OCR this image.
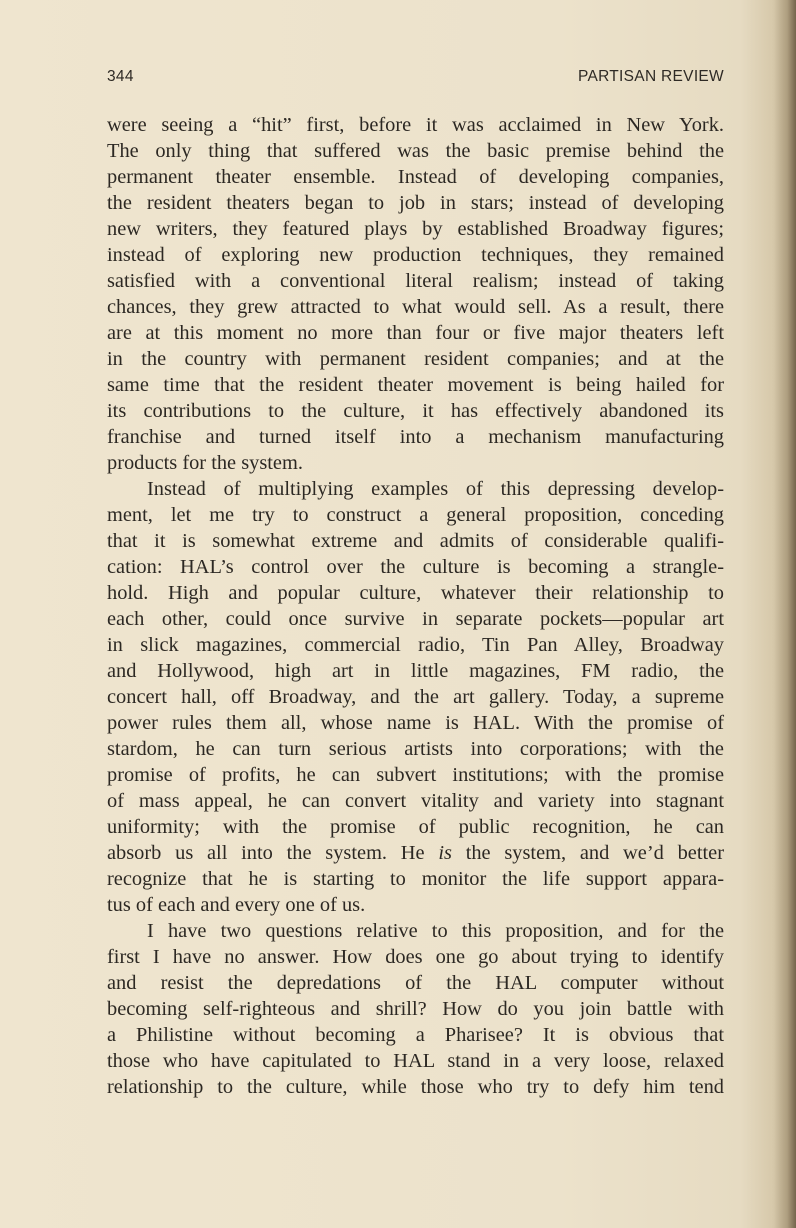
344	PARTISAN REVIEW
were seeing a “hit” first, before it was acclaimed in New York.
The only thing that suffered was the basic premise behind the
permanent theater ensemble. Instead of developing companies,
the resident theaters began to job in stars; instead of developing
new writers, they featured plays by established Broadway figures;
instead of exploring new production techniques, they remained
satisfied with a conventional literal realism; instead of taking
chances, they grew attracted to what would sell. As a result, there
are at this moment no more than four or five major theaters left
in the country with permanent resident companies; and at the
same time that the resident theater movement is being hailed for
its contributions to the culture, it has effectively abandoned its
franchise and turned itself into a mechanism manufacturing
products for the system.
Instead of multiplying examples of this depressing develop-
ment, let me try to construct a general proposition, conceding
that it is somewhat extreme and admits of considerable qualifi-
cation: HAL’s control over the culture is becoming a strangle-
hold. High and popular culture, whatever their relationship to
each other, could once survive in separate pockets—popular art
in slick magazines, commercial radio, Tin Pan Alley, Broadway
and Hollywood, high art in little magazines, FM radio, the
concert hall, off Broadway, and the art gallery. Today, a supreme
power rules them all, whose name is HAL. With the promise of
stardom, he can turn serious artists into corporations; with the
promise of profits, he can subvert institutions; with the promise
of mass appeal, he can convert vitality and variety into stagnant
uniformity; with the promise of public recognition, he can
absorb us all into the system. He is the system, and we’d better
recognize that he is starting to monitor the life support appara-
tus of each and every one of us.
I have two questions relative to this proposition, and for the
first I have no answer. How does one go about trying to identify
and resist the depredations of the HAL computer without
becoming self-righteous and shrill? How do you join battle with
a Philistine without becoming a Pharisee? It is obvious that
those who have capitulated to HAL stand in a very loose, relaxed
relationship to the culture, while those who try to defy him tend
